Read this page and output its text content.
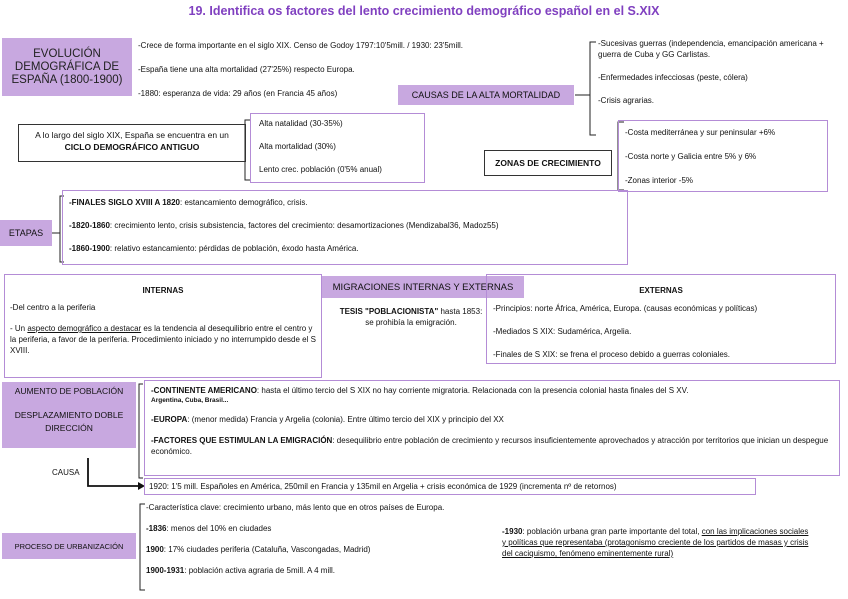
19. Identifica os factores del lento crecimiento demográfico español en el S.XIX
EVOLUCIÓN DEMOGRÁFICA DE ESPAÑA (1800-1900)

-Crece de forma importante en el siglo XIX. Censo de Godoy 1797:10'5mill. / 1930: 23'5mill.

-España tiene una alta mortalidad (27'25%) respecto Europa.

-1880: esperanza de vida: 29 años (en Francia 45 años)	CAUSAS DE LA ALTA MORTALIDAD

-Sucesivas guerras (independencia, emancipación americana + guerra de Cuba y GG Carlistas.

-Enfermedades infecciosas (peste, cólera)

-Crisis agrarias.

A lo largo del siglo XIX, España se encuentra en un CICLO DEMOGRÁFICO ANTIGUO

Alta natalidad (30-35%)

Alta mortalidad (30%)

Lento crec. población (0'5% anual)

ZONAS DE CRECIMIENTO

-Costa mediterránea y sur peninsular +6%

-Costa norte y Galicia entre 5% y 6%

-Zonas interior -5%

ETAPAS

-FINALES SIGLO XVIII A 1820: estancamiento demográfico, crisis.

-1820-1860: crecimiento lento, crisis subsistencia, factores del crecimiento: desamortizaciones (Mendizabal36, Madoz55)

-1860-1900: relativo estancamiento: pérdidas de población, éxodo hasta América.

INTERNAS

-Del centro a la periferia

- Un aspecto demográfico a destacar es la tendencia al desequilibrio entre el centro y la periferia, a favor de la periferia. Procedimiento iniciado y no interrumpido desde el S XVIII.

MIGRACIONES INTERNAS Y EXTERNAS

TESIS "POBLACIONISTA" hasta 1853: se prohibía la emigración.

EXTERNAS

-Principios: norte África, América, Europa. (causas económicas y políticas)

-Mediados S XIX: Sudamérica, Argelia.

-Finales de S XIX: se frena el proceso debido a guerras coloniales.

AUMENTO DE POBLACIÓN

DESPLAZAMIENTO DOBLE DIRECCIÓN

CAUSA

-CONTINENTE AMERICANO: hasta el último tercio del S XIX no hay corriente migratoria. Relacionada con la presencia colonial hasta finales del S XV.

Argentina, Cuba, Brasil...

-EUROPA: (menor medida) Francia y Argelia (colonia). Entre último tercio del XIX y principio del XX

-FACTORES QUE ESTIMULAN LA EMIGRACIÓN: desequilibrio entre población de crecimiento y recursos insuficientemente aprovechados y atracción por territorios que inician un despegue económico.

1920: 1'5 mill. Españoles en América, 250mil en Francia y 135mil en Argelia + crisis económica de 1929 (incrementa nº de retornos)

PROCESO DE URBANIZACIÓN

-Característica clave: crecimiento urbano, más lento que en otros países de Europa.

-1836: menos del 10% en ciudades

1900: 17% ciudades periferia (Cataluña, Vascongadas, Madrid)

1900-1931: población activa agraria de 5mill. A 4 mill.

-1930: población urbana gran parte importante del total, con las implicaciones sociales y políticas que representaba (protagonismo creciente de los partidos de masas y crisis del caciquismo, fenómeno eminentemente rural)
